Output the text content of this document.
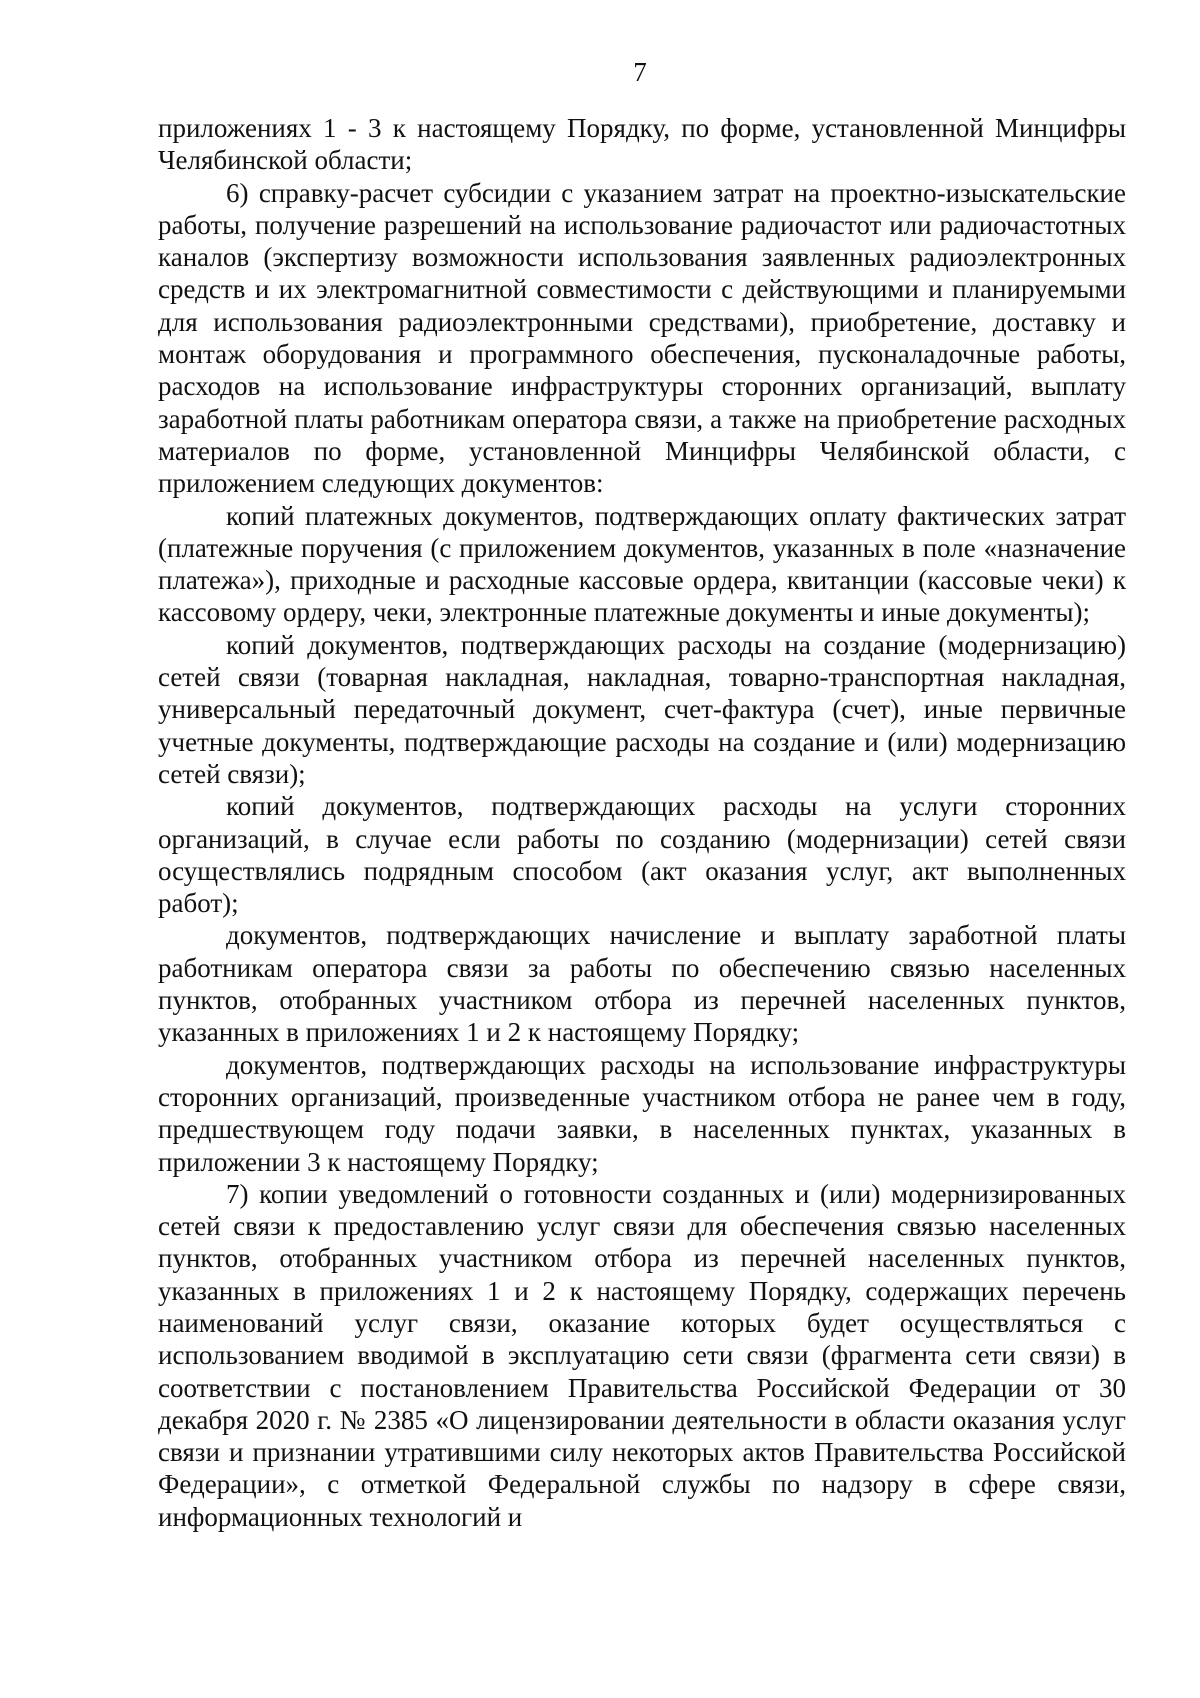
7

приложениях 1 - 3 к настоящему Порядку, по форме, установленной Минцифры Челябинской области;

6) справку-расчет субсидии с указанием затрат на проектно-изыскательские работы, получение разрешений на использование радиочастот или радиочастотных каналов (экспертизу возможности использования заявленных радиоэлектронных средств и их электромагнитной совместимости с действующими и планируемыми для использования радиоэлектронными средствами), приобретение, доставку и монтаж оборудования и программного обеспечения, пусконаладочные работы, расходов на использование инфраструктуры сторонних организаций, выплату заработной платы работникам оператора связи, а также на приобретение расходных материалов по форме, установленной Минцифры Челябинской области, с приложением следующих документов:

копий платежных документов, подтверждающих оплату фактических затрат (платежные поручения (с приложением документов, указанных в поле «назначение платежа»), приходные и расходные кассовые ордера, квитанции (кассовые чеки) к кассовому ордеру, чеки, электронные платежные документы и иные документы);

копий документов, подтверждающих расходы на создание (модернизацию) сетей связи (товарная накладная, накладная, товарно-транспортная накладная, универсальный передаточный документ, счет-фактура (счет), иные первичные учетные документы, подтверждающие расходы на создание и (или) модернизацию сетей связи);

копий документов, подтверждающих расходы на услуги сторонних организаций, в случае если работы по созданию (модернизации) сетей связи осуществлялись подрядным способом (акт оказания услуг, акт выполненных работ);

документов, подтверждающих начисление и выплату заработной платы работникам оператора связи за работы по обеспечению связью населенных пунктов, отобранных участником отбора из перечней населенных пунктов, указанных в приложениях 1 и 2 к настоящему Порядку;

документов, подтверждающих расходы на использование инфраструктуры сторонних организаций, произведенные участником отбора не ранее чем в году, предшествующем году подачи заявки, в населенных пунктах, указанных в приложении 3 к настоящему Порядку;

7) копии уведомлений о готовности созданных и (или) модернизированных сетей связи к предоставлению услуг связи для обеспечения связью населенных пунктов, отобранных участником отбора из перечней населенных пунктов, указанных в приложениях 1 и 2 к настоящему Порядку, содержащих перечень наименований услуг связи, оказание которых будет осуществляться с использованием вводимой в эксплуатацию сети связи (фрагмента сети связи) в соответствии с постановлением Правительства Российской Федерации от 30 декабря 2020 г. № 2385 «О лицензировании деятельности в области оказания услуг связи и признании утратившими силу некоторых актов Правительства Российской Федерации», с отметкой Федеральной службы по надзору в сфере связи, информационных технологий и
